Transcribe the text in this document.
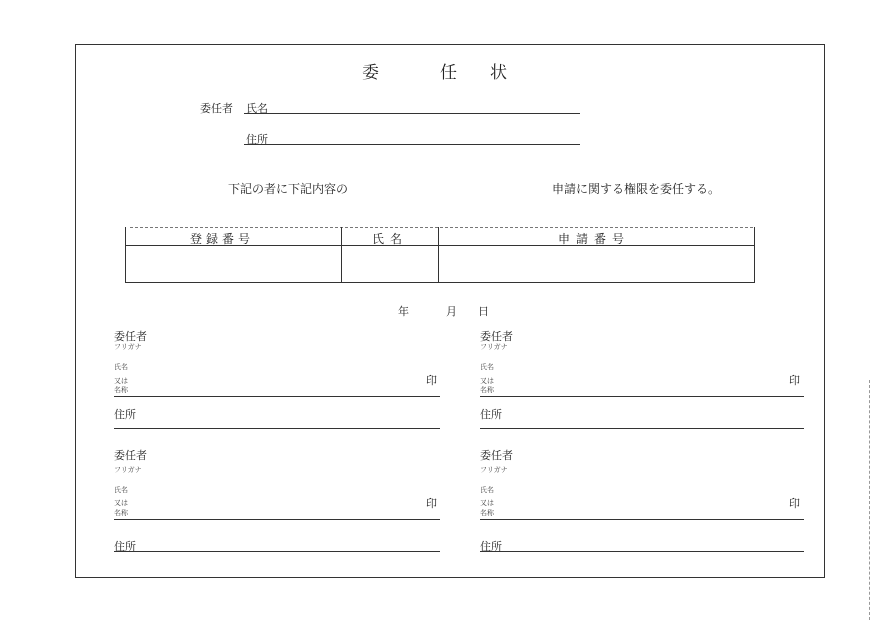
委	任 状
委任者 氏名
住所
下記の者に下記内容の	申請に関する権限を委任する。
登録番号	氏名	申請番号
年	月 日
委任者
フリガナ
氏名
又は
名称
印
住所
委任者
フリガナ
氏名
又は
名称
印
住所
委任者
フリガナ
氏名
又は
名称
印
住所
委任者
フリガナ
氏名
又は
名称
印
住所
